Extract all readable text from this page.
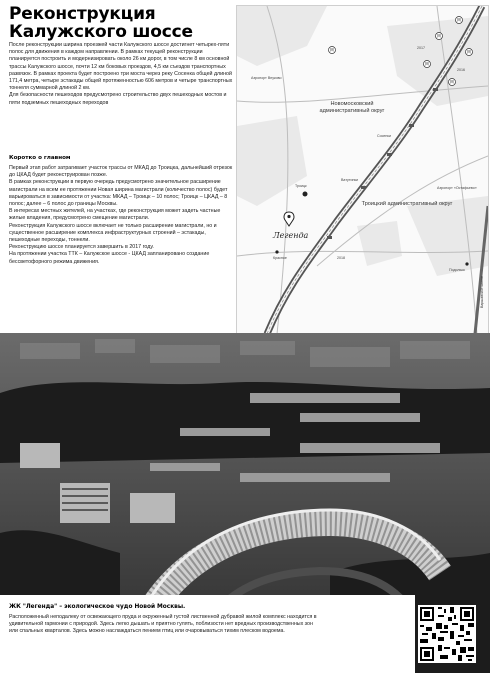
Реконструкция
Калужского шоссе

После реконструкции ширина проезжей части Калужского шоссе достигнет четырех-пяти полос для движения в каждом направлении. В рамках текущей реконструкции планируется построить и модернизировать около 26 км дорог, в том числе 8 км основной трассы Калужского шоссе, почти 12 км боковых проездов, 4,5 км съездов транспортных развязок. В рамках проекта будет построено три моста через реку Сосенка общей длиной 171,4 метра, четыре эстакады общей протяженностью 606 метров и четыре транспортных тоннеля суммарной длиной 2 км.

Для безопасности пешеходов предусмотрено строительство двух пешеходных мостов и пяти подземных пешеходных переходов

Коротко о главном

Первый этап работ затрагивает участок трассы от МКАД до Троицка, дальнейший отрезок до ЦКАД будет реконструирован позже.

В рамках реконструкции в первую очередь предусмотрено значительное расширение магистрали на всем ее протяжении Новая ширина магистрали (количество полос) будет варьироваться в зависимости от участка: МКАД – Троицк – 10 полос; Троицк – ЦКАД – 8 полос; далее – 6 полос до границы Москвы.

В интересах местных жителей, на участках, где реконструкция может задеть частные жилые владения, предусмотрено смещение магистрали.

Реконструкция Калужского шоссе включает не только расширение магистрали, но и существенное расширение комплекса инфраструктурных строений – эстакады, пешеходные переходы, тоннели.

Реконструкцию шоссе планируется завершить в 2017 году.

На протяжении участка ТТК – Калужское шоссе - ЦКАД запланировано создание бессветофорного режима движения.

М
М
М
М
М
М
Новомосковский административный округ
Троицкий административный округ
Легенда
Троицк
Красное
Подольск
Сосенки
Ватутинки
Аэропорт «Остафьево»
Аэропорт Внуково
2017
2016
2018
Варшавское шоссе
ЖК "Легенда" – экологическое чудо Новой Москвы.
Расположенный неподалеку от освежающего пруда и окруженный густой лиственной дубравой жилой комплекс находится в удивительной гармонии с природой. Здесь легко дышать и приятно гулять, поблизости нет вредных производственных зон или спальных кварталов. Здесь можно наслаждаться пением птиц или очаровываться тихим плеском водоема.
